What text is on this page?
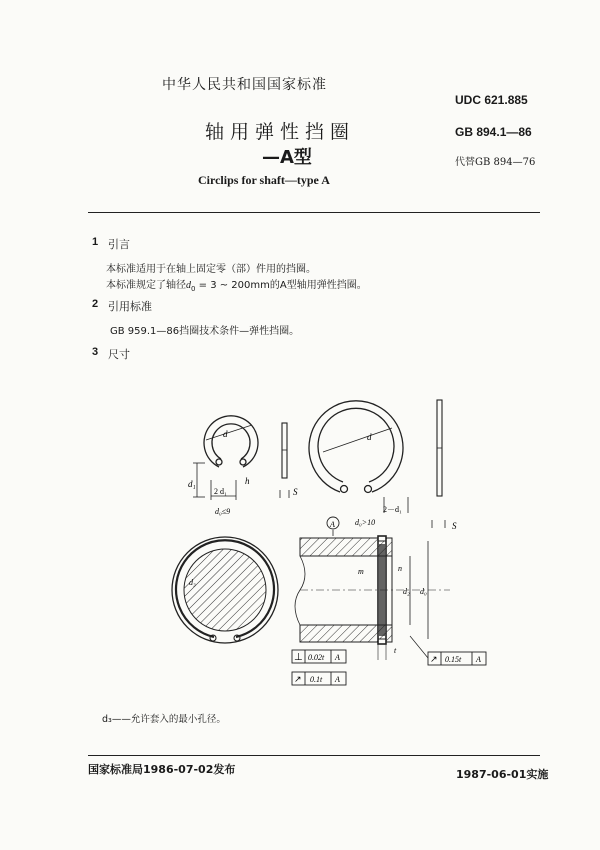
中华人民共和国国家标准
UDC 621.885
轴用弹性挡圈	GB 894.1—86
—A型	代替GB 894—76
Circlips for shaft—type A
1 引言
本标准适用于在轴上固定零（部）件用的挡圈。
本标准规定了轴径$d_0 = 3$ ~ 200mm的A型轴用弹性挡圈。
2 引用标准
GB 959.1—86挡圈技术条件—弹性挡圈。
3 尺寸
d
d₁	h
2 d₁	S
d₀≤9
d
2－d₁
d₀>10	S
d₃
A
m	n
d₂ d₀
t
⊥ 0.02t A
↗ 0.1t A
↗ 0.15t A
d₃——允许套入的最小孔径。
国家标准局1986-07-02发布	1987-06-01实施
